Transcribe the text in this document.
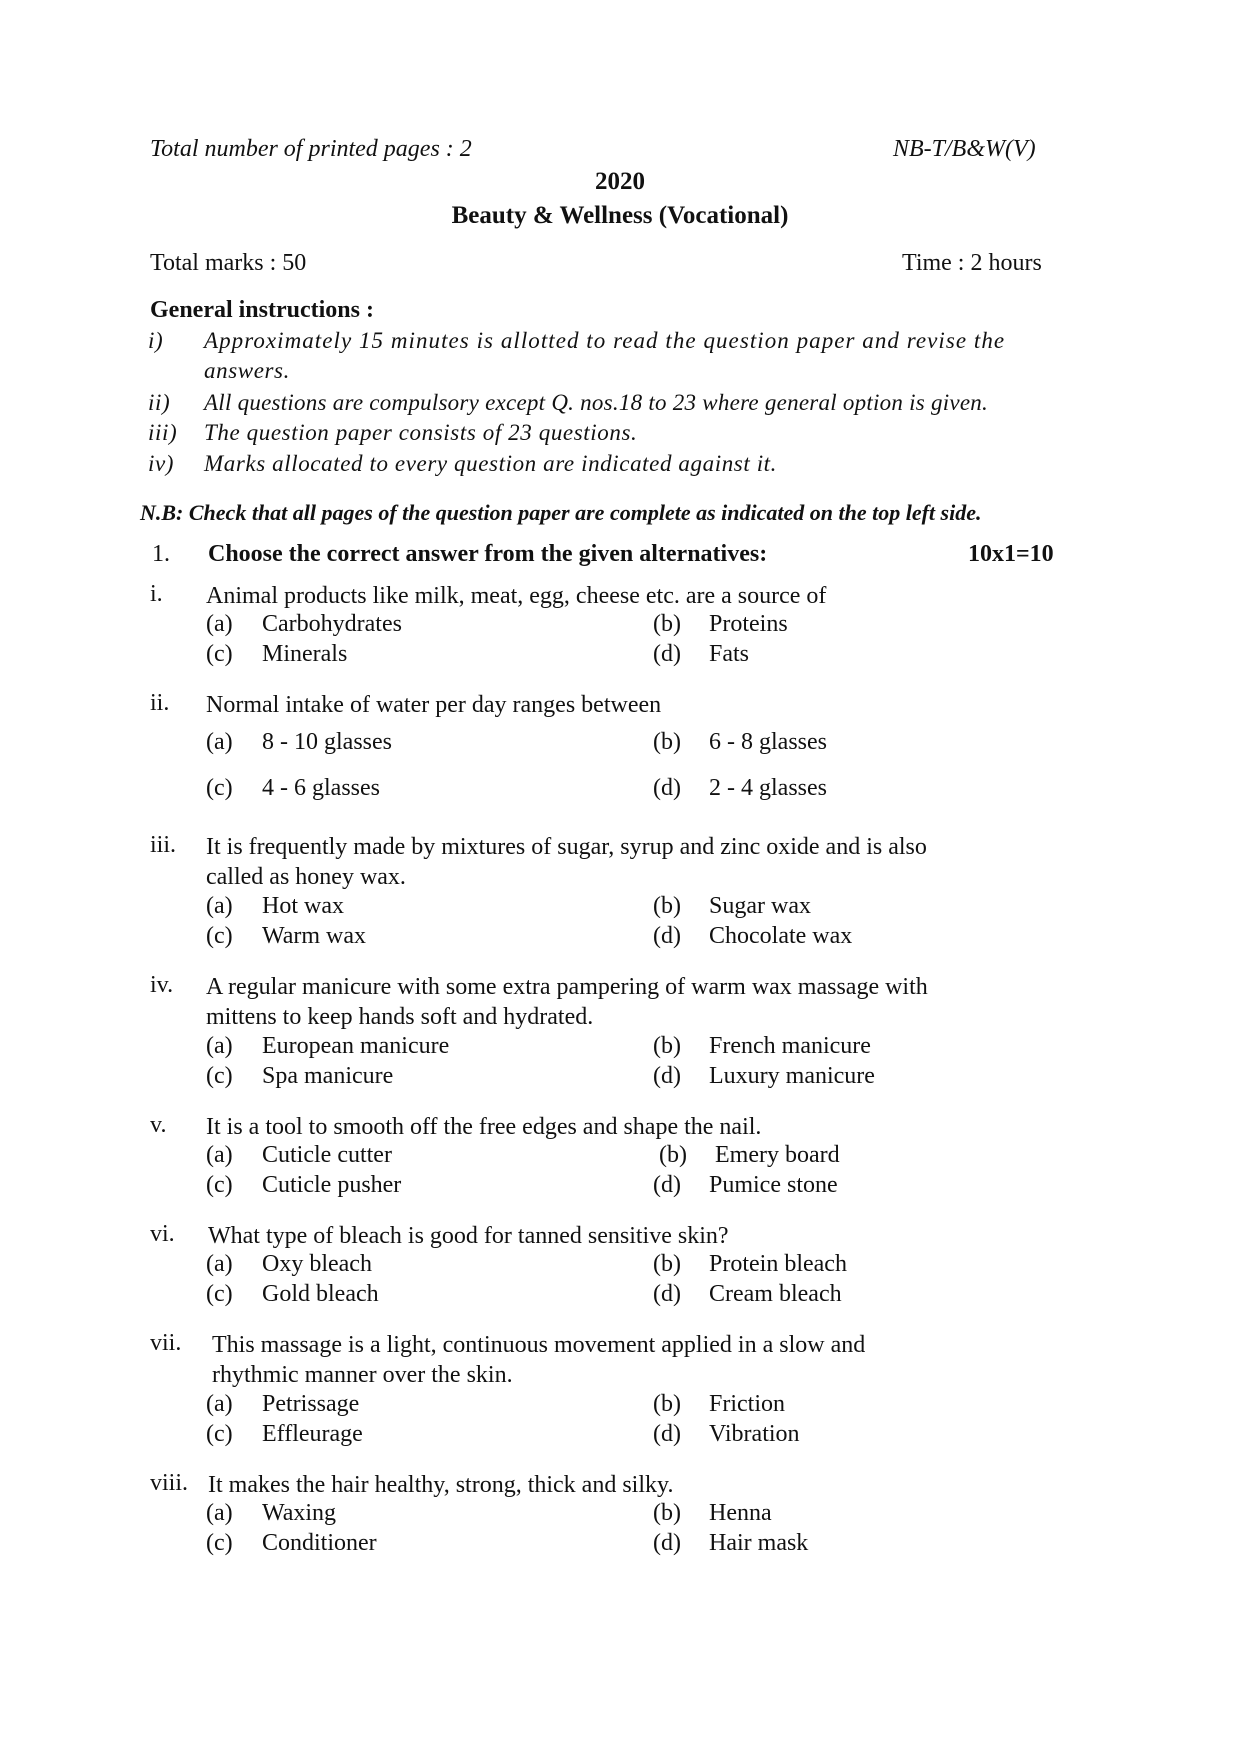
Total number of printed pages : 2	NB-T/B&W(V)
2020
Beauty & Wellness (Vocational)
Total marks : 50	Time : 2 hours
General instructions :
i) Approximately 15 minutes is allotted to read the question paper and revise the
answers.
ii) All questions are compulsory except Q. nos.18 to 23 where general option is given.
iii) The question paper consists of 23 questions.
iv) Marks allocated to every question are indicated against it.
N.B: Check that all pages of the question paper are complete as indicated on the top left side.
1. Choose the correct answer from the given alternatives:	10x1=10
i. Animal products like milk, meat, egg, cheese etc. are a source of
(a) Carbohydrates	(b) Proteins
(c) Minerals	(d) Fats
ii. Normal intake of water per day ranges between
(a) 8 - 10 glasses	(b) 6 - 8 glasses
(c) 4 - 6 glasses	(d) 2 - 4 glasses
iii. It is frequently made by mixtures of sugar, syrup and zinc oxide and is also
called as honey wax.
(a) Hot wax	(b) Sugar wax
(c) Warm wax	(d) Chocolate wax
iv. A regular manicure with some extra pampering of warm wax massage with
mittens to keep hands soft and hydrated.
(a) European manicure	(b) French manicure
(c) Spa manicure	(d) Luxury manicure
v. It is a tool to smooth off the free edges and shape the nail.
(a) Cuticle cutter	(b) Emery board
(c) Cuticle pusher	(d) Pumice stone
vi. What type of bleach is good for tanned sensitive skin?
(a) Oxy bleach	(b) Protein bleach
(c) Gold bleach	(d) Cream bleach
vii. This massage is a light, continuous movement applied in a slow and
rhythmic manner over the skin.
(a) Petrissage	(b) Friction
(c) Effleurage	(d) Vibration
viii. It makes the hair healthy, strong, thick and silky.
(a) Waxing	(b) Henna
(c) Conditioner	(d) Hair mask
